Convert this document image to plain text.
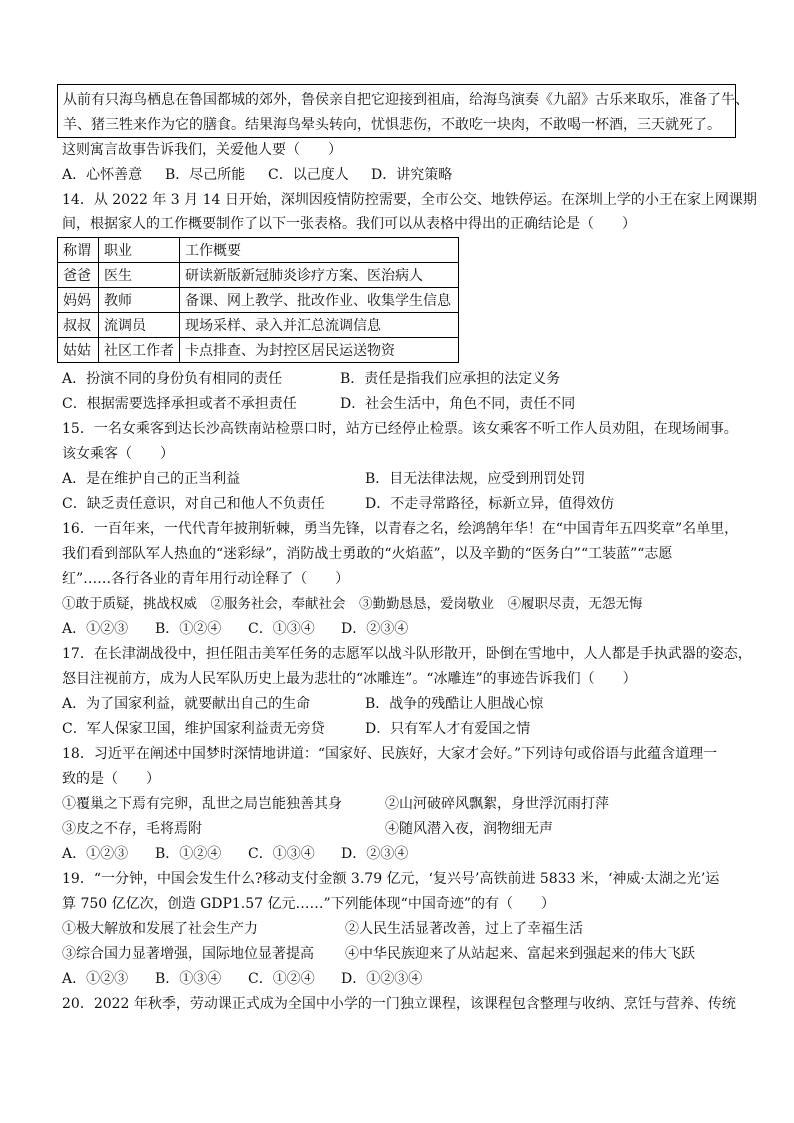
从前有只海鸟栖息在鲁国都城的郊外，鲁侯亲自把它迎接到祖庙，给海鸟演奏《九韶》古乐来取乐，准备了牛、
羊、猪三牲来作为它的膳食。结果海鸟晕头转向，忧惧悲伤，不敢吃一块肉，不敢喝一杯酒，三天就死了。
这则寓言故事告诉我们，关爱他人要（　　）
A．心怀善意 B．尽己所能 C．以己度人 D．讲究策略
14．从 2022 年 3 月 14 日开始，深圳因疫情防控需要，全市公交、地铁停运。在深圳上学的小王在家上网课期
间，根据家人的工作概要制作了以下一张表格。我们可以从表格中得出的正确结论是（　　）
称谓	职业	工作概要
爸爸	医生	研读新版新冠肺炎诊疗方案、医治病人
妈妈	教师	备课、网上教学、批改作业、收集学生信息
叔叔	流调员	现场采样、录入并汇总流调信息
姑姑	社区工作者	卡点排查、为封控区居民运送物资
A．扮演不同的身份负有相同的责任	B．责任是指我们应承担的法定义务
C．根据需要选择承担或者不承担责任	D．社会生活中，角色不同，责任不同
15．一名女乘客到达长沙高铁南站检票口时，站方已经停止检票。该女乘客不听工作人员劝阻，在现场闹事。
该女乘客（　　）
A．是在维护自己的正当利益	B．目无法律法规，应受到刑罚处罚
C．缺乏责任意识，对自己和他人不负责任	D．不走寻常路径，标新立异，值得效仿
16．一百年来，一代代青年披荆斩棘，勇当先锋，以青春之名，绘鸿鹄年华！在“中国青年五四奖章”名单里，
我们看到部队军人热血的“迷彩绿”，消防战士勇敢的“火焰蓝”，以及辛勤的“医务白”“工装蓝”“志愿
红”……各行各业的青年用行动诠释了（　　）
①敢于质疑，挑战权威　②服务社会，奉献社会　③勤勤恳恳，爱岗敬业　④履职尽责，无怨无悔
A．①②③ B．①②④ C．①③④ D．②③④
17．在长津湖战役中，担任阻击美军任务的志愿军以战斗队形散开，卧倒在雪地中，人人都是手执武器的姿态，
怒目注视前方，成为人民军队历史上最为悲壮的“冰雕连”。“冰雕连”的事迹告诉我们（　　）
A．为了国家利益，就要献出自己的生命	B．战争的残酷让人胆战心惊
C．军人保家卫国，维护国家利益责无旁贷	D．只有军人才有爱国之情
18．习近平在阐述中国梦时深情地讲道：“国家好、民族好，大家才会好。”下列诗句或俗语与此蕴含道理一
致的是（　　）
①覆巢之下焉有完卵，乱世之局岂能独善其身	②山河破碎风飘絮，身世浮沉雨打萍
③皮之不存，毛将焉附	④随风潜入夜，润物细无声
A．①②③ B．①②④ C．①③④ D．②③④
19．“一分钟，中国会发生什么?移动支付金额 3.79 亿元，‘复兴号’高铁前进 5833 米，‘神威·太湖之光’运
算 750 亿亿次，创造 GDP1.57 亿元……”下列能体现“中国奇迹”的有（　　）
①极大解放和发展了社会生产力	②人民生活显著改善，过上了幸福生活
③综合国力显著增强，国际地位显著提高 ④中华民族迎来了从站起来、富起来到强起来的伟大飞跃
A．①②③ B．①③④ C．①②④ D．①②③④
20．2022 年秋季，劳动课正式成为全国中小学的一门独立课程，该课程包含整理与收纳、烹饪与营养、传统
